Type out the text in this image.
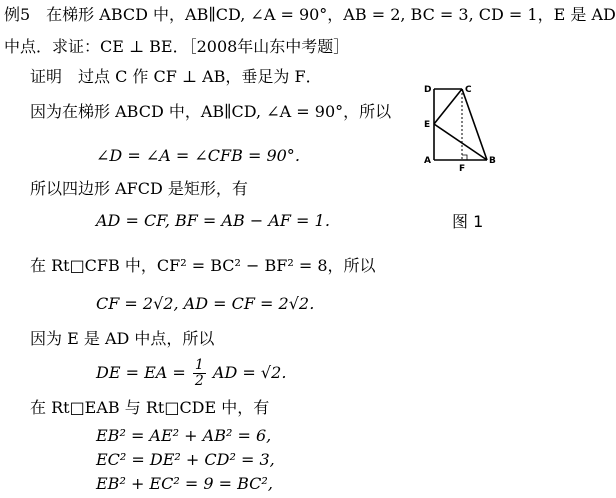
例5　在梯形 ABCD 中，AB∥CD, ∠A = 90°，AB = 2, BC = 3, CD = 1，E 是 AD
中点．求证：CE ⊥ BE．［2008年山东中考题］
证明　过点 C 作 CF ⊥ AB，垂足为 F．
因为在梯形 ABCD 中，AB∥CD, ∠A = 90°，所以
∠D = ∠A = ∠CFB = 90°．
所以四边形 AFCD 是矩形，有
AD = CF, BF = AB − AF = 1．
在 Rt□CFB 中，CF² = BC² − BF² = 8，所以
CF = 2√2, AD = CF = 2√2．
因为 E 是 AD 中点，所以
DE = EA = $\frac{1}{2}$ AD = √2．
在 Rt□EAB 与 Rt□CDE 中，有
EB² = AE² + AB² = 6,
EC² = DE² + CD² = 3,
EB² + EC² = 9 = BC²,
D	C
E
A
F
B
图 1
